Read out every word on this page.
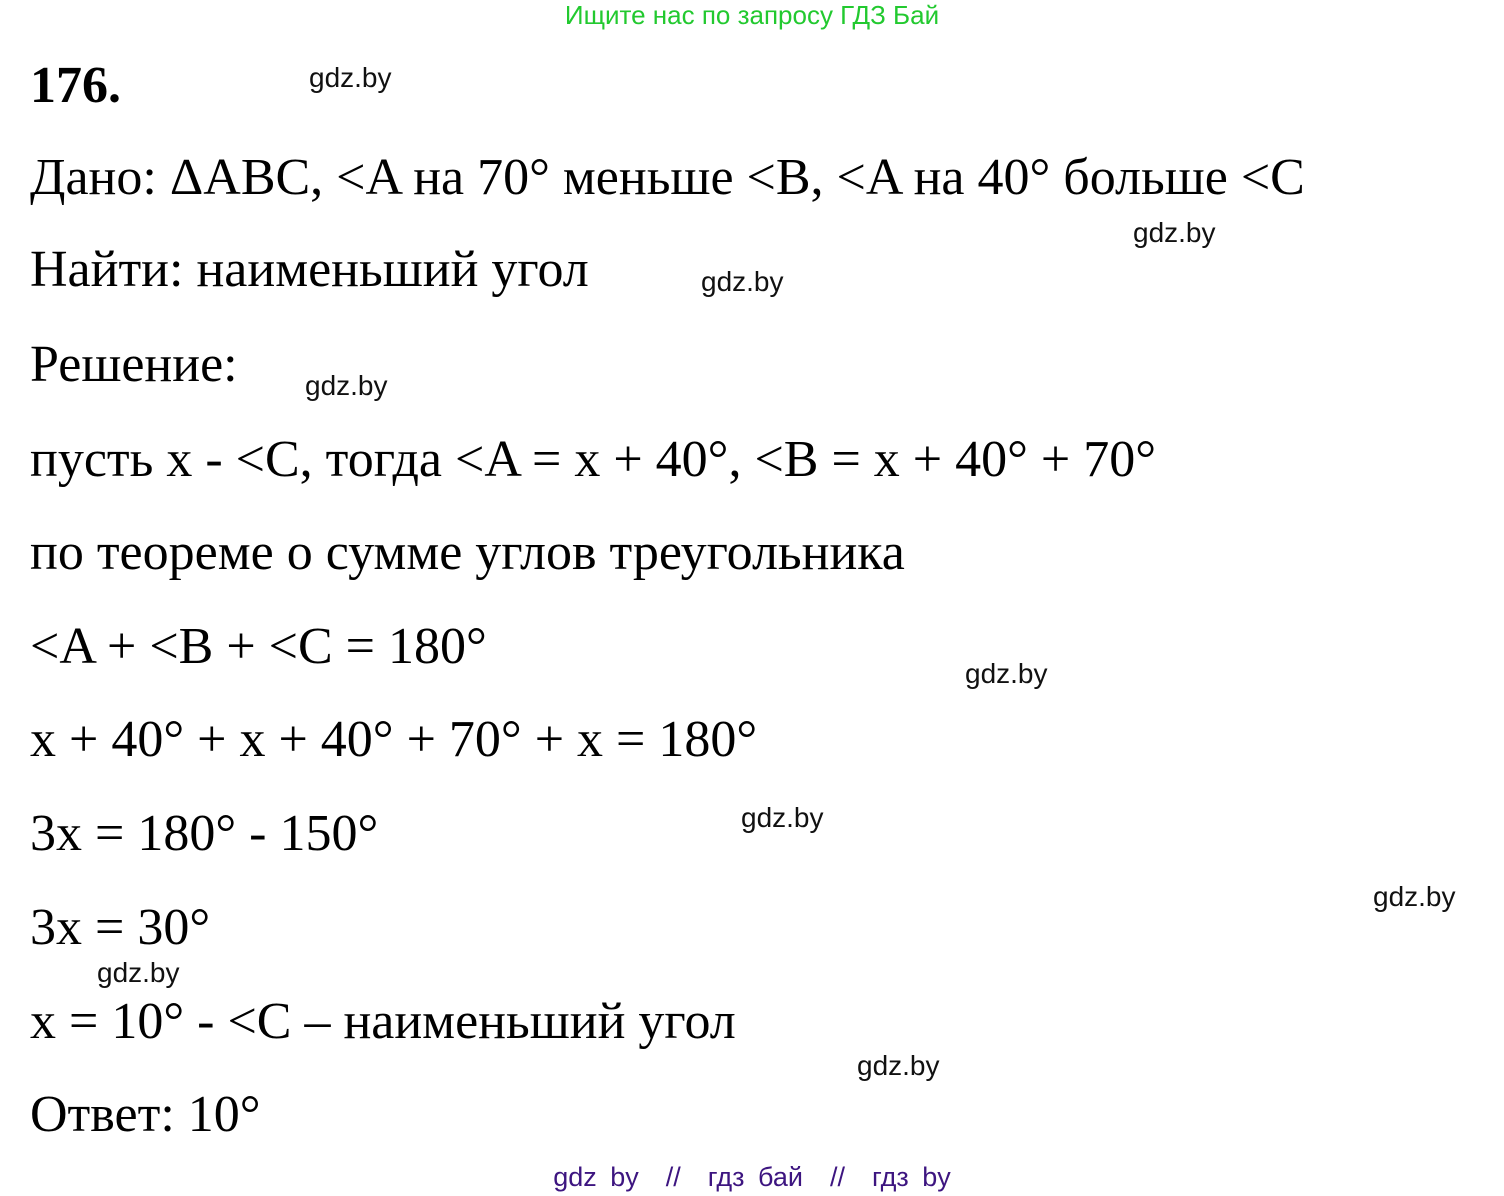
Ищите нас по запросу ГДЗ Бай
176.
Дано: ΔABC, <A на 70° меньше <B, <A на 40° больше <C
Найти: наименьший угол
Решение:
пусть x - <C, тогда <A = x + 40°, <B = x + 40° + 70°
по теореме о сумме углов треугольника
<A + <B + <C = 180°
x + 40° + x + 40° + 70° + x = 180°
3x = 180° - 150°
3x = 30°
x = 10° - <C – наименьший угол
Ответ: 10°
gdz.by
gdz.by
gdz.by
gdz.by
gdz.by
gdz.by
gdz.by
gdz.by
gdz.by
gdz by  //  гдз бай  //  гдз by
